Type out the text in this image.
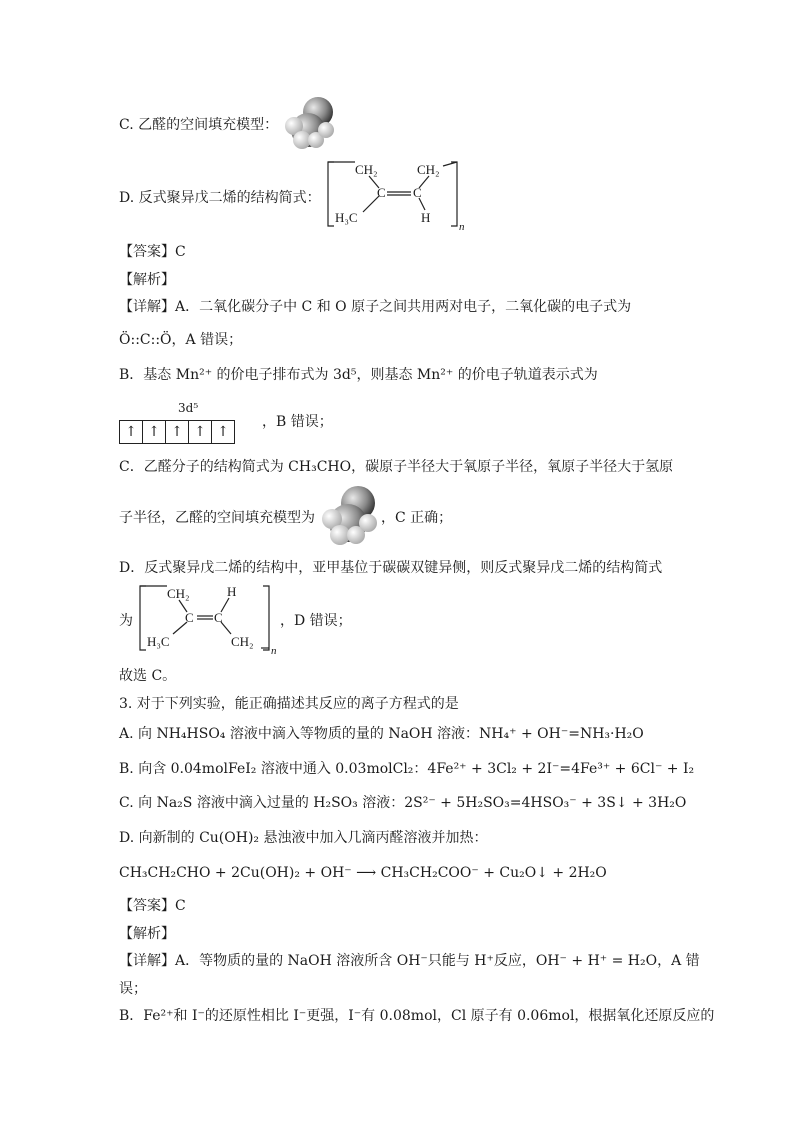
C. 乙醛的空间填充模型：
D. 反式聚异戊二烯的结构简式：
CH₂
C C
CH₂
H₃C	H
n
【答案】C
【解析】
【详解】A．二氧化碳分子中 C 和 O 原子之间共用两对电子，二氧化碳的电子式为
Ö::C::Ö，A 错误；
B．基态 Mn²⁺ 的价电子排布式为 3d⁵，则基态 Mn²⁺ 的价电子轨道表示式为
3d⁵
↑ ↑ ↑ ↑ ↑
，B 错误；
C．乙醛分子的结构简式为 CH₃CHO，碳原子半径大于氧原子半径，氧原子半径大于氢原
子半径，乙醛的空间填充模型为	，C 正确；
D．反式聚异戊二烯的结构中，亚甲基位于碳碳双键异侧，则反式聚异戊二烯的结构简式
为
CH₂
C C
H
H₃C	CH₂
n
，D 错误；
故选 C。
3. 对于下列实验，能正确描述其反应的离子方程式的是
A. 向 NH₄HSO₄ 溶液中滴入等物质的量的 NaOH 溶液：NH₄⁺ + OH⁻=NH₃·H₂O
B. 向含 0.04molFeI₂ 溶液中通入 0.03molCl₂：4Fe²⁺ + 3Cl₂ + 2I⁻=4Fe³⁺ + 6Cl⁻ + I₂
C. 向 Na₂S 溶液中滴入过量的 H₂SO₃ 溶液：2S²⁻ + 5H₂SO₃=4HSO₃⁻ + 3S↓ + 3H₂O
D. 向新制的 Cu(OH)₂ 悬浊液中加入几滴丙醛溶液并加热：
CH₃CH₂CHO + 2Cu(OH)₂ + OH⁻ ⟶ CH₃CH₂COO⁻ + Cu₂O↓ + 2H₂O
【答案】C
【解析】
【详解】A．等物质的量的 NaOH 溶液所含 OH⁻只能与 H⁺反应，OH⁻ + H⁺ = H₂O，A 错
误；
B．Fe²⁺和 I⁻的还原性相比 I⁻更强，I⁻有 0.08mol，Cl 原子有 0.06mol，根据氧化还原反应的
